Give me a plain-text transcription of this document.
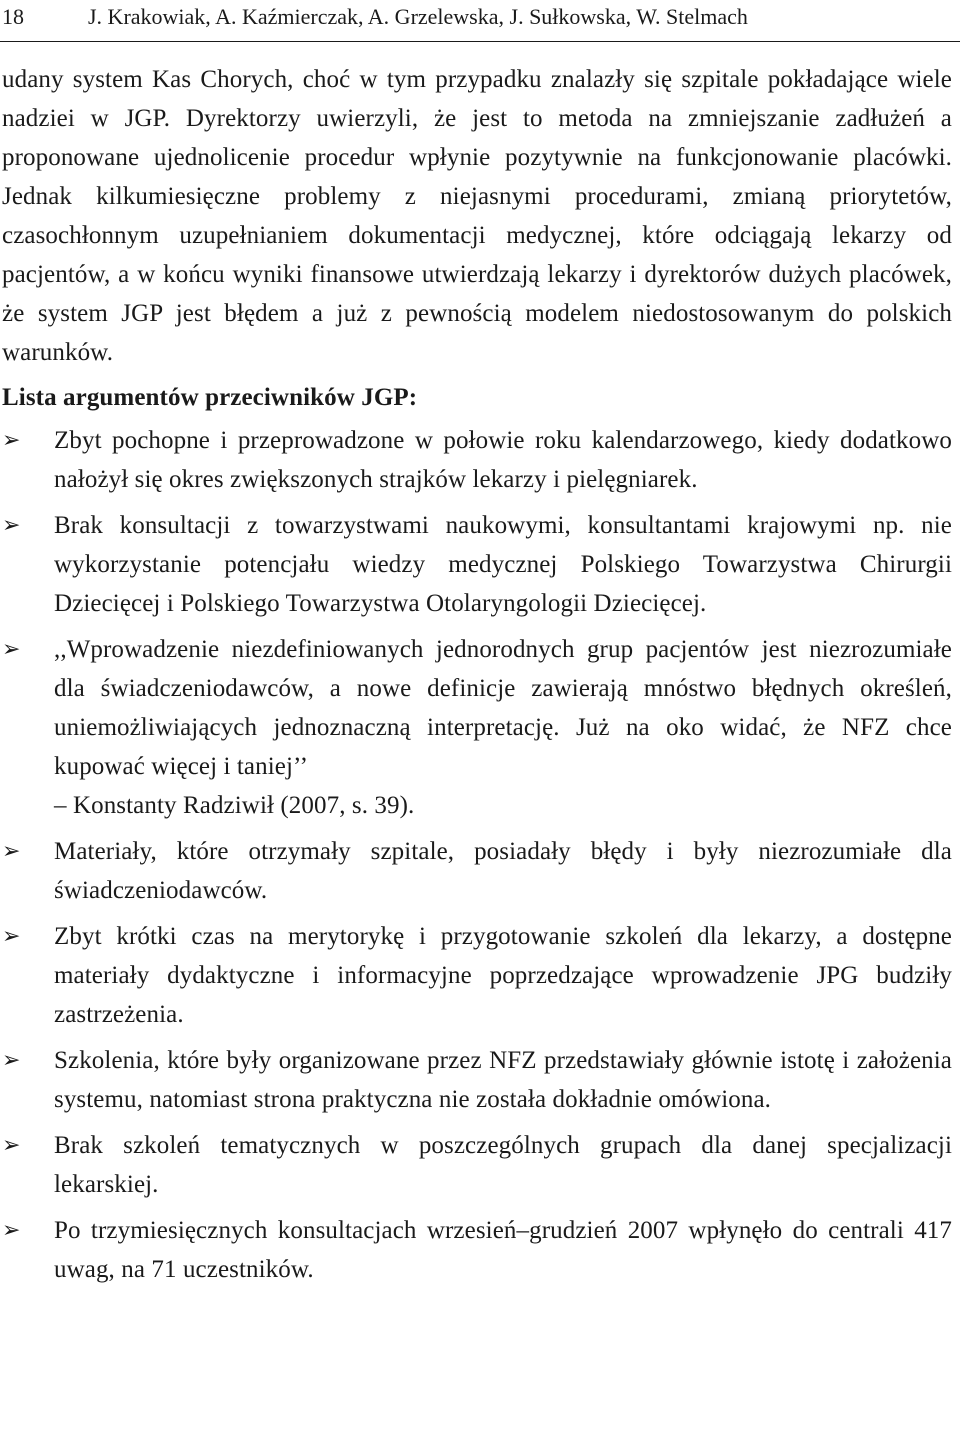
18	J. Krakowiak, A. Kaźmierczak, A. Grzelewska, J. Sułkowska, W. Stelmach

udany system Kas Chorych, choć w tym przypadku znalazły się szpitale pokładające wiele nadziei w JGP. Dyrektorzy uwierzyli, że jest to metoda na zmniejszanie zadłużeń a proponowane ujednolicenie procedur wpłynie pozytywnie na funkcjonowanie placówki. Jednak kilkumiesięczne problemy z niejasnymi procedurami, zmianą priorytetów, czasochłonnym uzupełnianiem dokumentacji medycznej, które odciągają lekarzy od pacjentów, a w końcu wyniki finansowe utwierdzają lekarzy i dyrektorów dużych placówek, że system JGP jest błędem a już z pewnością modelem niedostosowanym do polskich warunków.

Lista argumentów przeciwników JGP:

➢	Zbyt pochopne i przeprowadzone w połowie roku kalendarzowego, kiedy dodatkowo nałożył się okres zwiększonych strajków lekarzy i pielęgniarek.
➢	Brak konsultacji z towarzystwami naukowymi, konsultantami krajowymi np. nie wykorzystanie potencjału wiedzy medycznej Polskiego Towarzystwa Chirurgii Dziecięcej i Polskiego Towarzystwa Otolaryngologii Dziecięcej.
➢	,,Wprowadzenie niezdefiniowanych jednorodnych grup pacjentów jest niezrozumiałe dla świadczeniodawców, a nowe definicje zawierają mnóstwo błędnych określeń, uniemożliwiających jednoznaczną interpretację. Już na oko widać, że NFZ chce kupować więcej i taniej’’
– Konstanty Radziwił (2007, s. 39).
➢	Materiały, które otrzymały szpitale, posiadały błędy i były niezrozumiałe dla świadczeniodawców.
➢	Zbyt krótki czas na merytorykę i przygotowanie szkoleń dla lekarzy, a dostępne materiały dydaktyczne i informacyjne poprzedzające wprowadzenie JPG budziły zastrzeżenia.
➢	Szkolenia, które były organizowane przez NFZ przedstawiały głównie istotę i założenia systemu, natomiast strona praktyczna nie została dokładnie omówiona.
➢	Brak szkoleń tematycznych w poszczególnych grupach dla danej specjalizacji lekarskiej.
➢	Po trzymiesięcznych konsultacjach wrzesień–grudzień 2007 wpłynęło do centrali 417 uwag, na 71 uczestników.
